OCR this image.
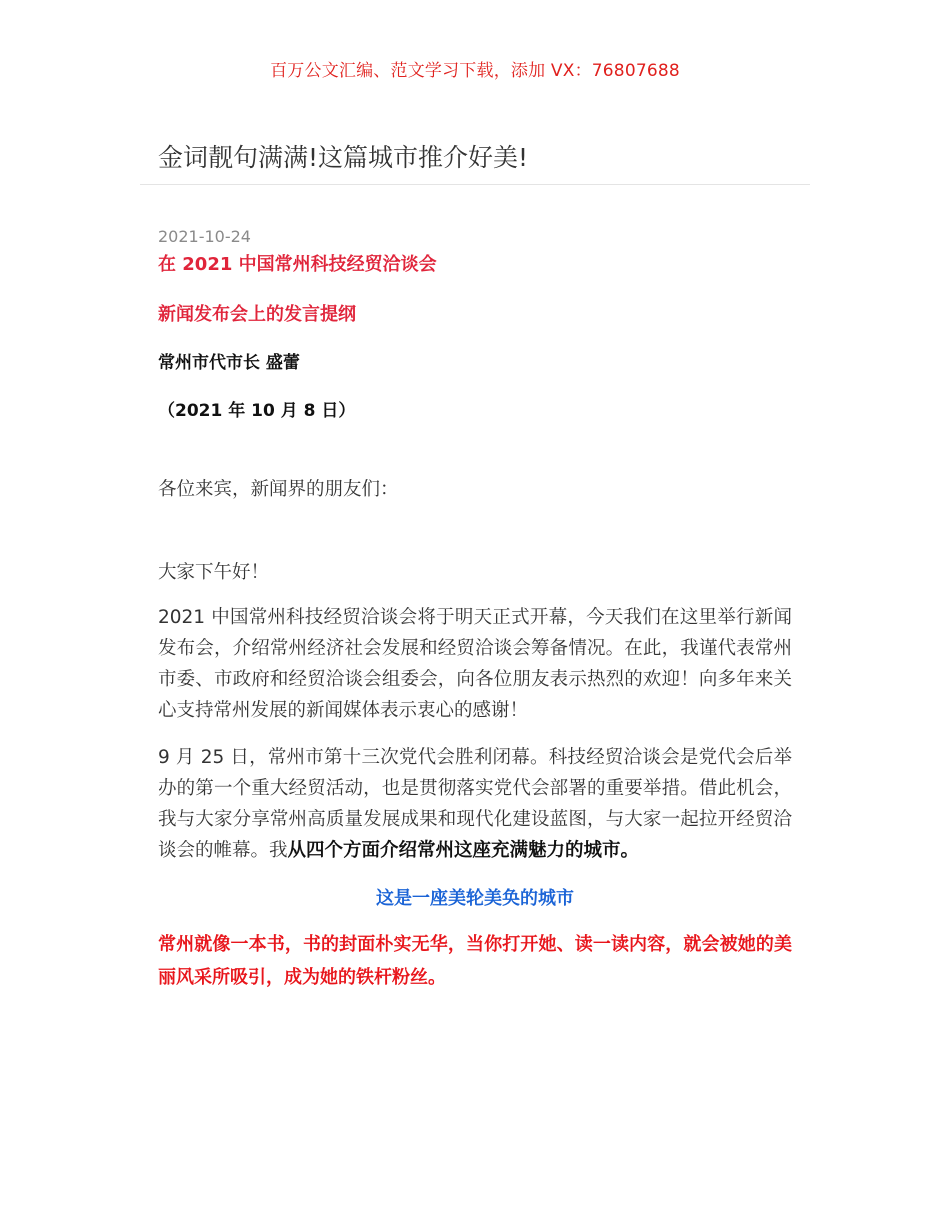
百万公文汇编、范文学习下载，添加 VX：76807688
金词靓句满满!这篇城市推介好美!

2021-10-24

在 2021 中国常州科技经贸洽谈会

新闻发布会上的发言提纲

常州市代市长 盛蕾

（2021 年 10 月 8 日）

各位来宾，新闻界的朋友们：

大家下午好！

2021 中国常州科技经贸洽谈会将于明天正式开幕，今天我们在这里举行新闻发布会，介绍常州经济社会发展和经贸洽谈会筹备情况。在此，我谨代表常州市委、市政府和经贸洽谈会组委会，向各位朋友表示热烈的欢迎！向多年来关心支持常州发展的新闻媒体表示衷心的感谢！

9 月 25 日，常州市第十三次党代会胜利闭幕。科技经贸洽谈会是党代会后举办的第一个重大经贸活动，也是贯彻落实党代会部署的重要举措。借此机会，我与大家分享常州高质量发展成果和现代化建设蓝图，与大家一起拉开经贸洽谈会的帷幕。我从四个方面介绍常州这座充满魅力的城市。

这是一座美轮美奂的城市

常州就像一本书，书的封面朴实无华，当你打开她、读一读内容，就会被她的美丽风采所吸引，成为她的铁杆粉丝。
